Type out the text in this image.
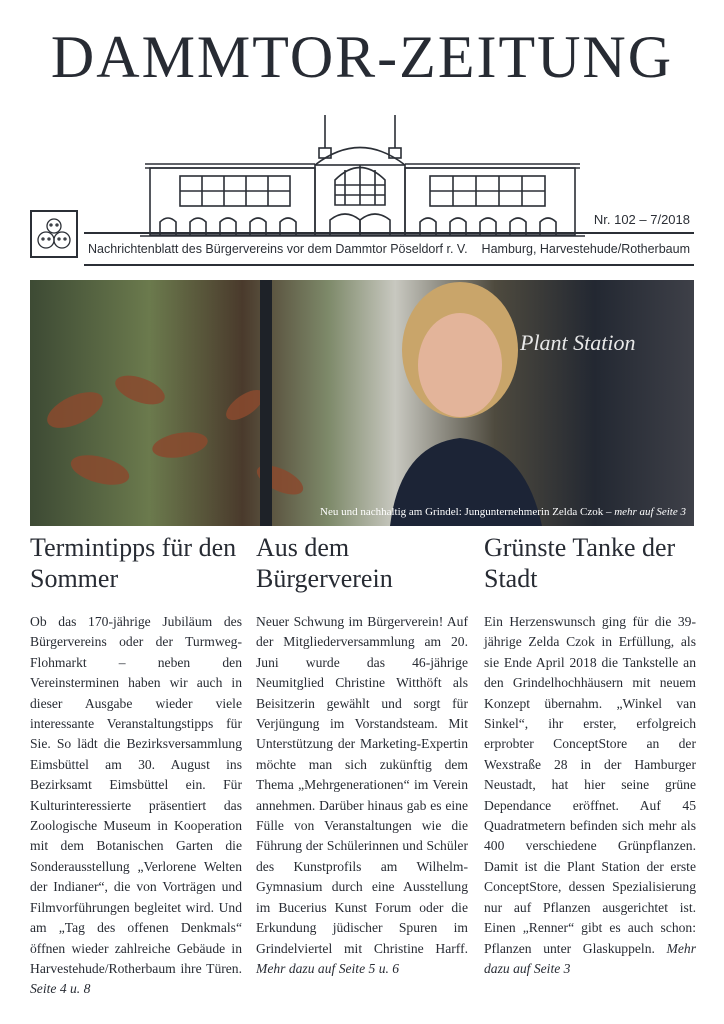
DAMMTOR-ZEITUNG
Nr. 102 – 7/2018
Nachrichtenblatt des Bürgervereins vor dem Dammtor Pöseldorf r. V. Hamburg, Harvestehude/Rotherbaum
Plant Station
Neu und nachhaltig am Grindel: Jungunternehmerin Zelda Czok – mehr auf Seite 3
Termintipps für den Sommer

Ob das 170-jährige Jubiläum des Bürgervereins oder der Turmweg-Flohmarkt – neben den Vereinsterminen haben wir auch in dieser Ausgabe wieder viele interessante Veranstaltungstipps für Sie. So lädt die Bezirksversammlung Eimsbüttel am 30. August ins Bezirksamt Eimsbüttel ein. Für Kulturinteressierte präsentiert das Zoologische Museum in Kooperation mit dem Botanischen Garten die Sonderausstellung „Verlorene Welten der Indianer“, die von Vorträgen und Filmvorführungen begleitet wird. Und am „Tag des offenen Denkmals“ öffnen wieder zahlreiche Gebäude in Harvestehude/Rotherbaum ihre Türen. Seite 4 u. 8

Aus dem Bürgerverein

Neuer Schwung im Bürgerverein! Auf der Mitgliederversammlung am 20. Juni wurde das 46-jährige Neumitglied Christine Witthöft als Beisitzerin gewählt und sorgt für Verjüngung im Vorstandsteam. Mit Unterstützung der Marketing-Expertin möchte man sich zukünftig dem Thema „Mehrgenerationen“ im Verein annehmen. Darüber hinaus gab es eine Fülle von Veranstaltungen wie die Führung der Schülerinnen und Schüler des Kunstprofils am Wilhelm-Gymnasium durch eine Ausstellung im Bucerius Kunst Forum oder die Erkundung jüdischer Spuren im Grindelviertel mit Christine Harff. Mehr dazu auf Seite 5 u. 6

Grünste Tanke der Stadt

Ein Herzenswunsch ging für die 39-jährige Zelda Czok in Erfüllung, als sie Ende April 2018 die Tankstelle an den Grindelhochhäusern mit neuem Konzept übernahm. „Winkel van Sinkel“, ihr erster, erfolgreich erprobter ConceptStore an der Wexstraße 28 in der Hamburger Neustadt, hat hier seine grüne Dependance eröffnet. Auf 45 Quadratmetern befinden sich mehr als 400 verschiedene Grünpflanzen. Damit ist die Plant Station der erste ConceptStore, dessen Spezialisierung nur auf Pflanzen ausgerichtet ist. Einen „Renner“ gibt es auch schon: Pflanzen unter Glaskuppeln. Mehr dazu auf Seite 3
